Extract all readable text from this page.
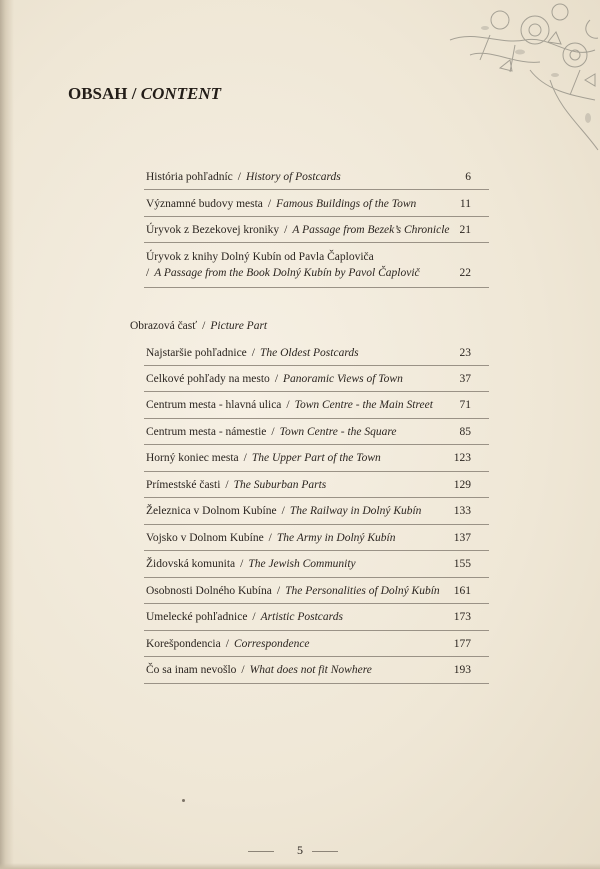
OBSAH / CONTENT
História pohľadníc / History of Postcards	6
Významné budovy mesta / Famous Buildings of the Town	11
Úryvok z Bezekovej kroniky / A Passage from Bezek’s Chronicle 21
Úryvok z knihy Dolný Kubín od Pavla Čaploviča
/ A Passage from the Book Dolný Kubín by Pavol Čaplovič	22
Obrazová časť / Picture Part
Najstaršie pohľadnice / The Oldest Postcards	23
Celkové pohľady na mesto / Panoramic Views of Town	37
Centrum mesta - hlavná ulica / Town Centre - the Main Street 71
Centrum mesta - námestie / Town Centre - the Square	85
Horný koniec mesta / The Upper Part of the Town	123
Prímestské časti / The Suburban Parts	129
Železnica v Dolnom Kubíne / The Railway in Dolný Kubín	133
Vojsko v Dolnom Kubíne / The Army in Dolný Kubín	137
Židovská komunita / The Jewish Community	155
Osobnosti Dolného Kubína / The Personalities of Dolný Kubín 161
Umelecké pohľadnice / Artistic Postcards	173
Korešpondencia / Correspondence	177
Čo sa inam nevošlo / What does not fit Nowhere	193
5
